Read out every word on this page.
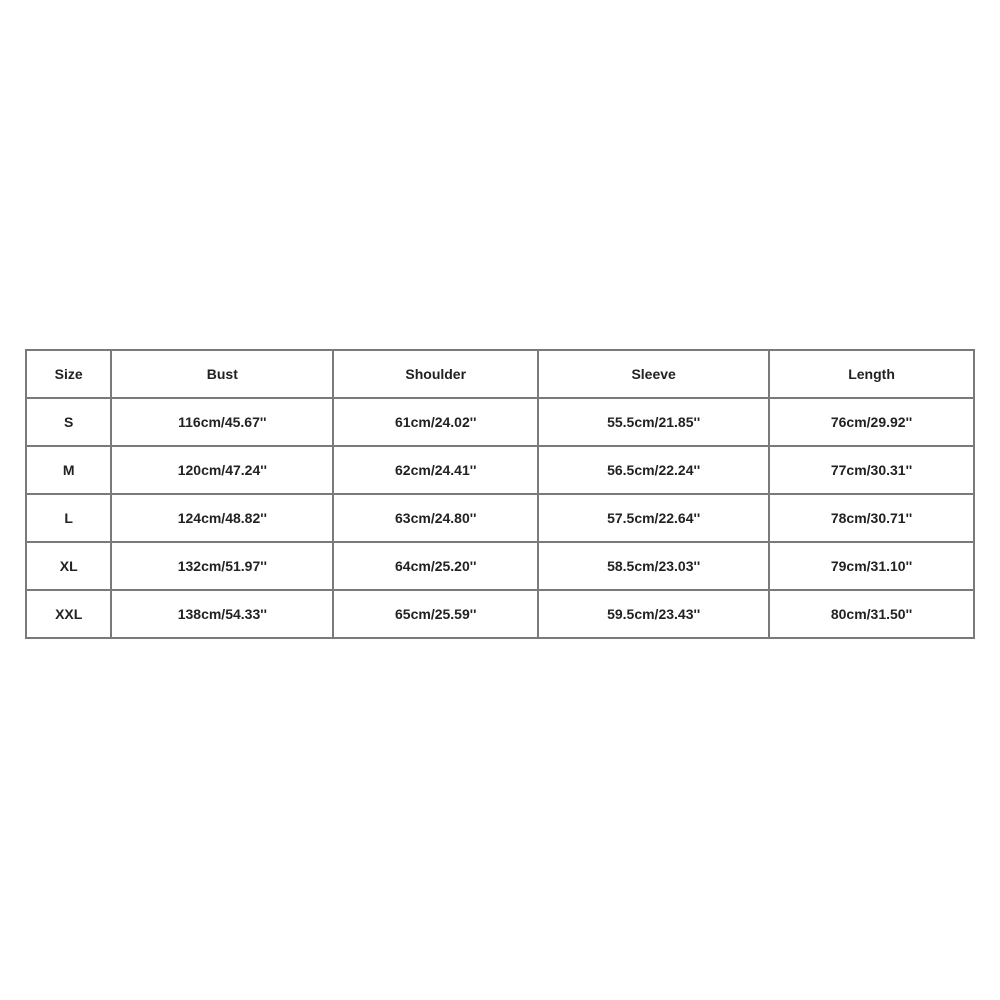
Size	Bust	Shoulder	Sleeve	Length
S	116cm/45.67''	61cm/24.02''	55.5cm/21.85''	76cm/29.92''
M	120cm/47.24''	62cm/24.41''	56.5cm/22.24''	77cm/30.31''
L	124cm/48.82''	63cm/24.80''	57.5cm/22.64''	78cm/30.71''
XL	132cm/51.97''	64cm/25.20''	58.5cm/23.03''	79cm/31.10''
XXL	138cm/54.33''	65cm/25.59''	59.5cm/23.43''	80cm/31.50''
